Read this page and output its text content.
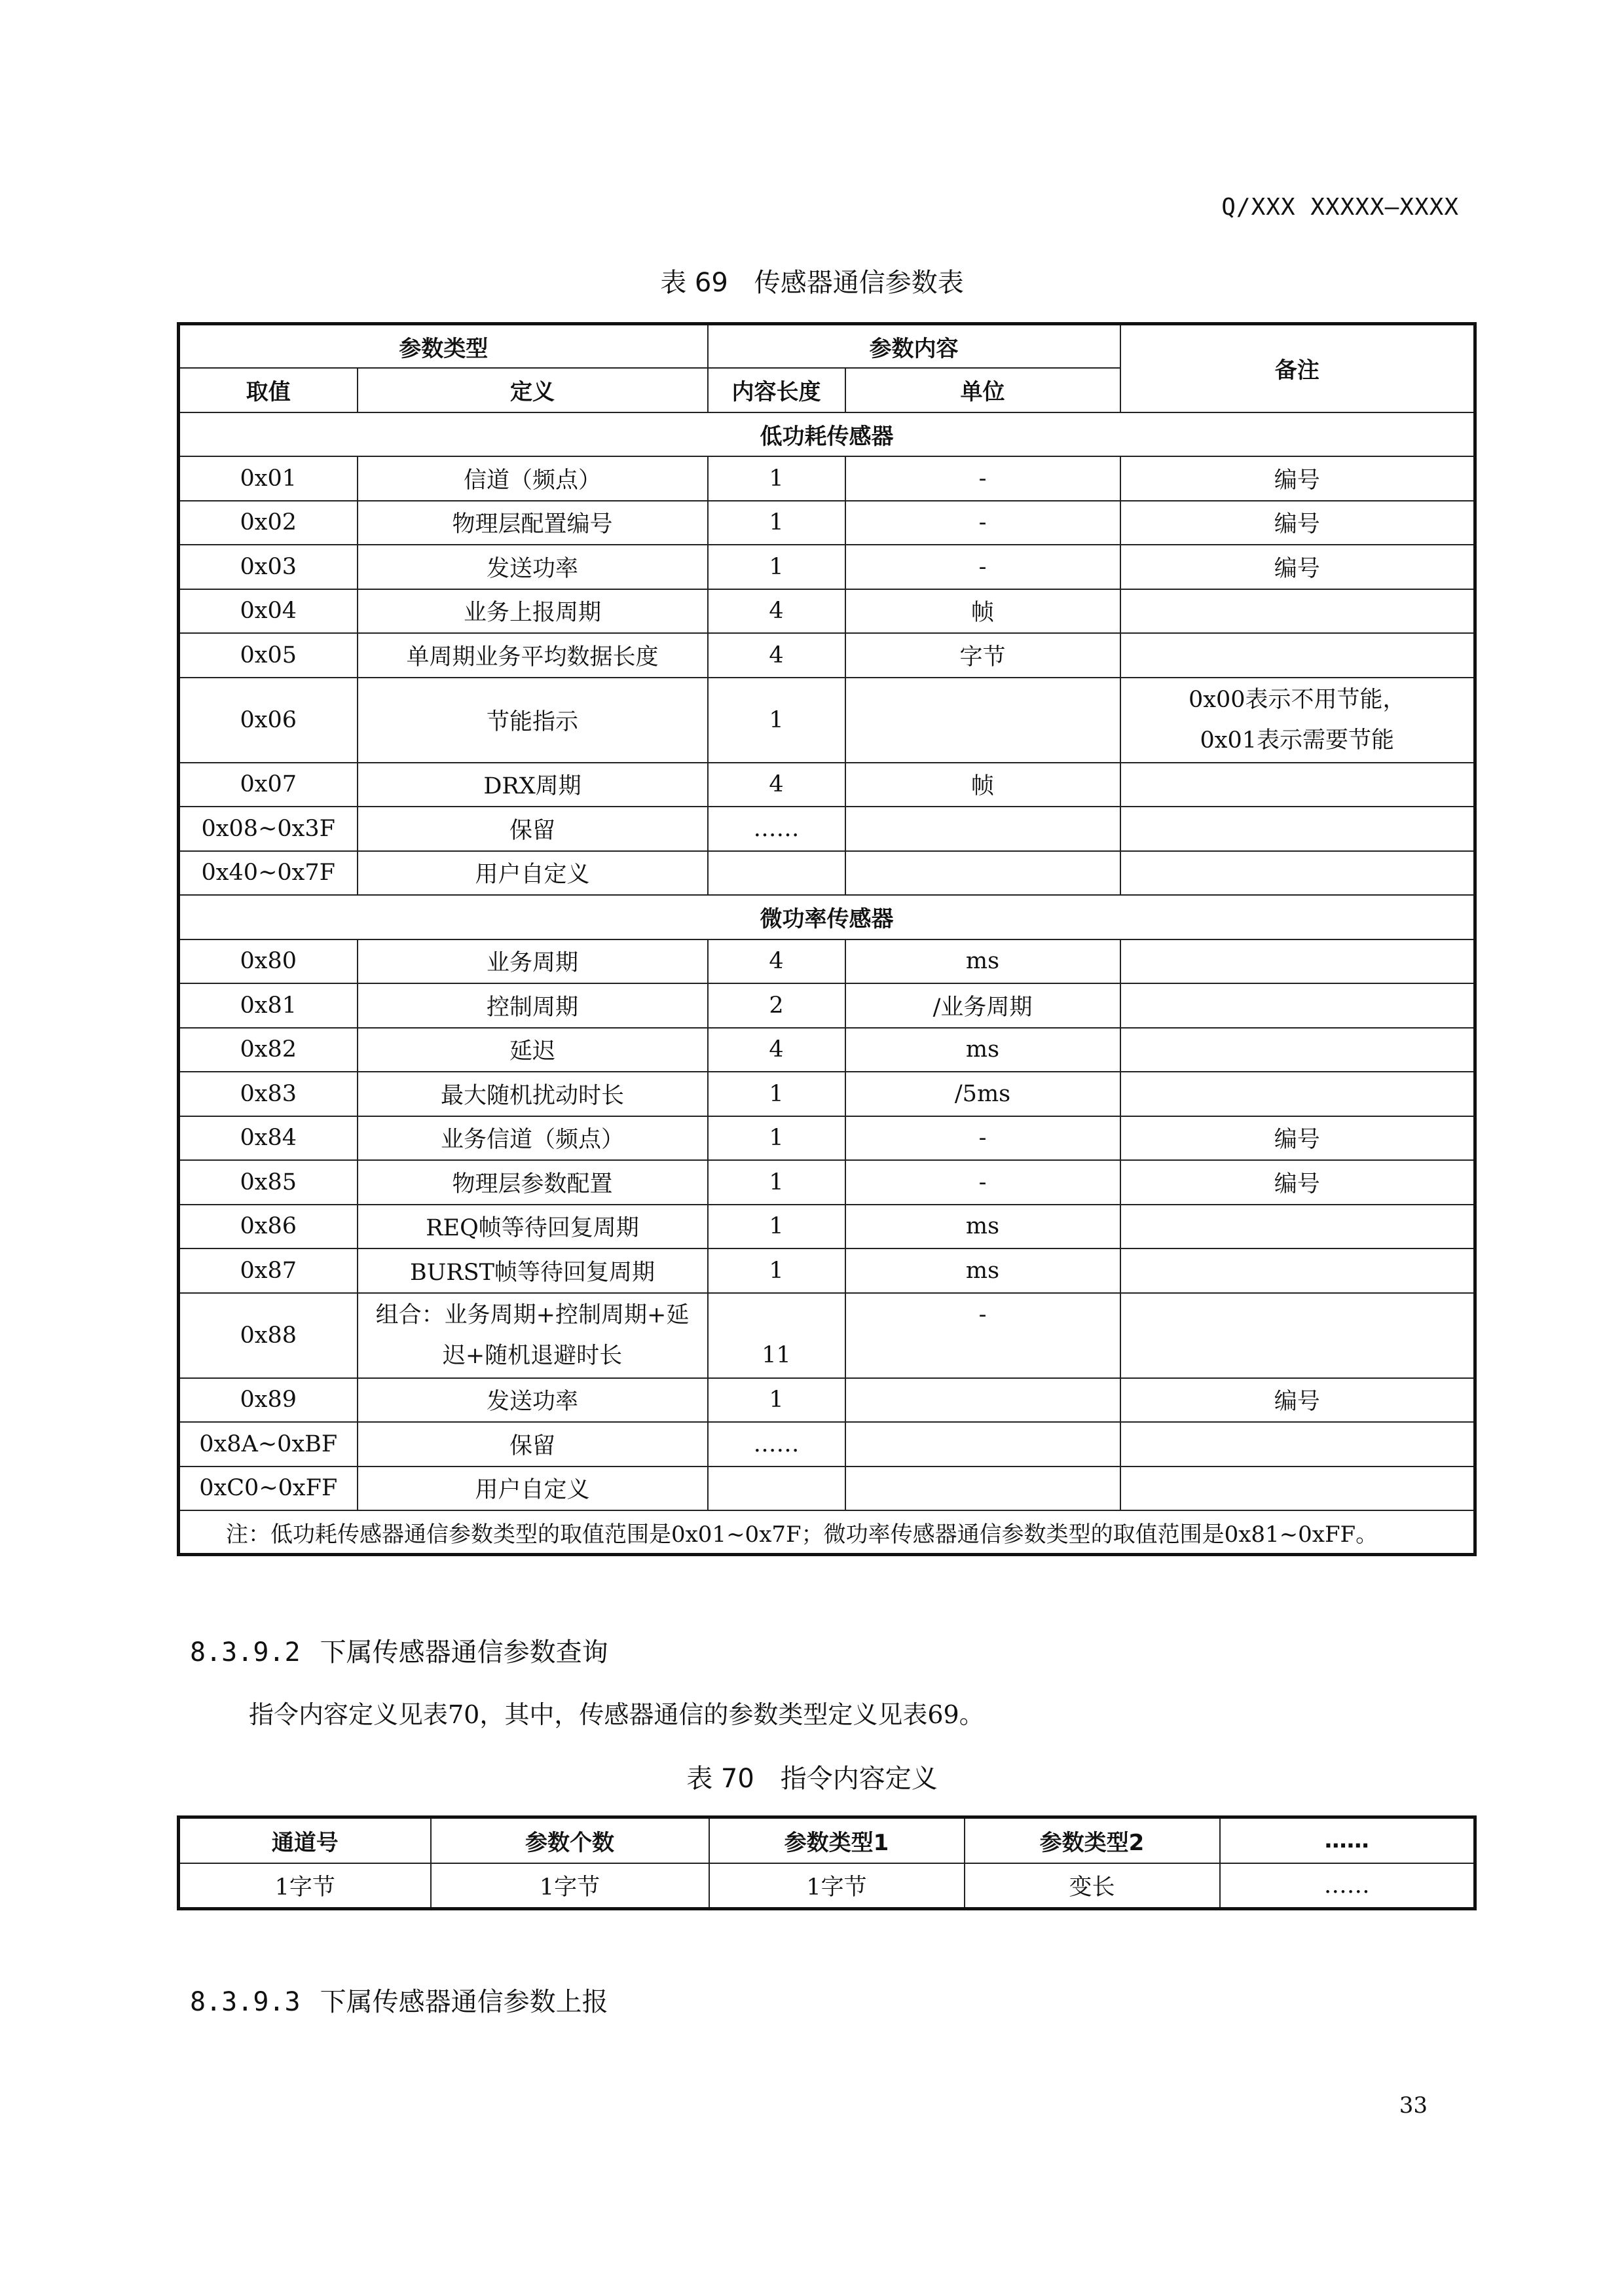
Q/XXX XXXXX—XXXX
表 69　传感器通信参数表
参数类型		参数内容		备注
取值	定义	内容长度	单位	
低功耗传感器				
0x01	信道（频点）	1	-	编号
0x02	物理层配置编号	1	-	编号
0x03	发送功率	1	-	编号
0x04	业务上报周期	4	帧	
0x05	单周期业务平均数据长度	4	字节	
0x06	节能指示	1		0x00表示不用节能，
0x01表示需要节能

0x07	DRX周期	4	帧	
0x08~0x3F	保留	……		
0x40~0x7F	用户自定义			
微功率传感器				
0x80	业务周期	4	ms	
0x81	控制周期	2	/业务周期	
0x82	延迟	4	ms	
0x83	最大随机扰动时长	1	/5ms	
0x84	业务信道（频点）	1	-	编号
0x85	物理层参数配置	1	-	编号
0x86	REQ帧等待回复周期	1	ms	
0x87	BURST帧等待回复周期	1	ms	
0x88	组合：业务周期+控制周期+延
迟+随机退避时长	11	-	
0x89	发送功率	1		编号
0x8A~0xBF	保留	……		
0xC0~0xFF	用户自定义			
注：低功耗传感器通信参数类型的取值范围是0x01~0x7F；微功率传感器通信参数类型的取值范围是0x81~0xFF。				
8.3.9.2 下属传感器通信参数查询
指令内容定义见表70，其中，传感器通信的参数类型定义见表69。
表 70　指令内容定义
通道号	参数个数	参数类型1	参数类型2	……
1字节	1字节	1字节	变长	……
8.3.9.3 下属传感器通信参数上报
33
